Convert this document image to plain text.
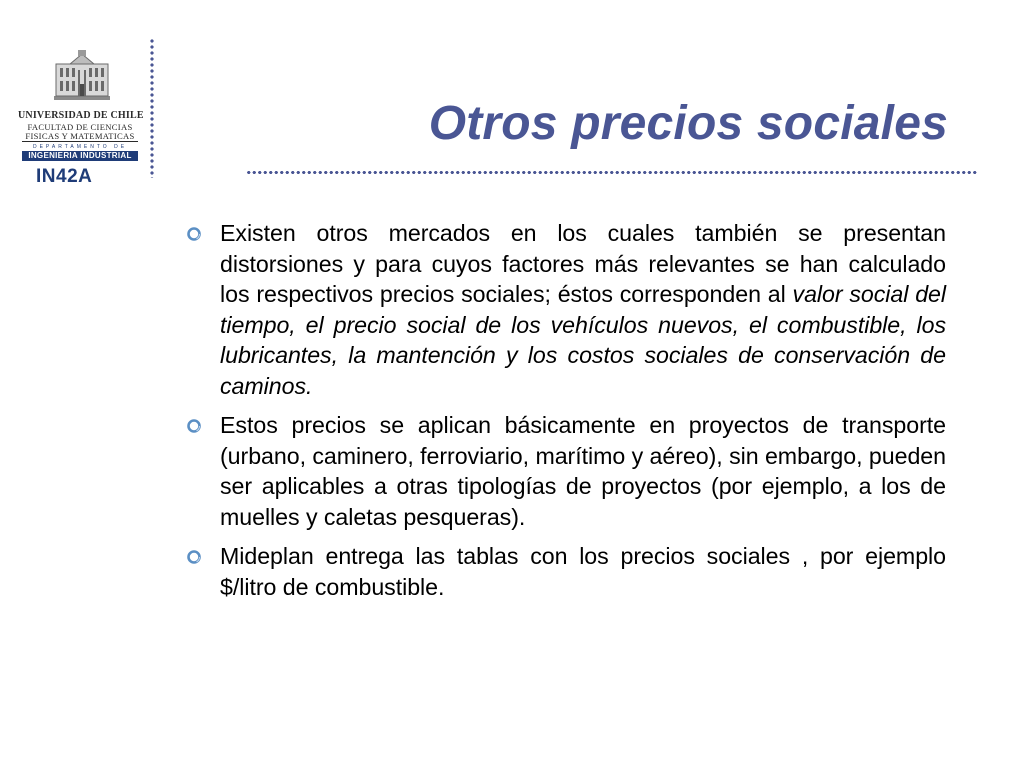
UNIVERSIDAD DE CHILE
FACULTAD DE CIENCIAS
FISICAS Y MATEMATICAS
DEPARTAMENTO DE
INGENIERIA INDUSTRIAL
IN42A
Otros precios sociales
Existen otros mercados en los cuales también se presentan distorsiones y para cuyos factores más relevantes se han calculado los respectivos precios sociales; éstos corresponden al valor social del tiempo, el precio social de los vehículos nuevos, el combustible, los lubricantes, la mantención y los costos sociales de conservación de caminos.
Estos precios se aplican básicamente en proyectos de transporte (urbano, caminero, ferroviario, marítimo y aéreo), sin embargo, pueden ser aplicables a otras tipologías de proyectos (por ejemplo, a los de muelles y caletas pesqueras).
Mideplan entrega las tablas con los precios sociales , por ejemplo $/litro de combustible.
